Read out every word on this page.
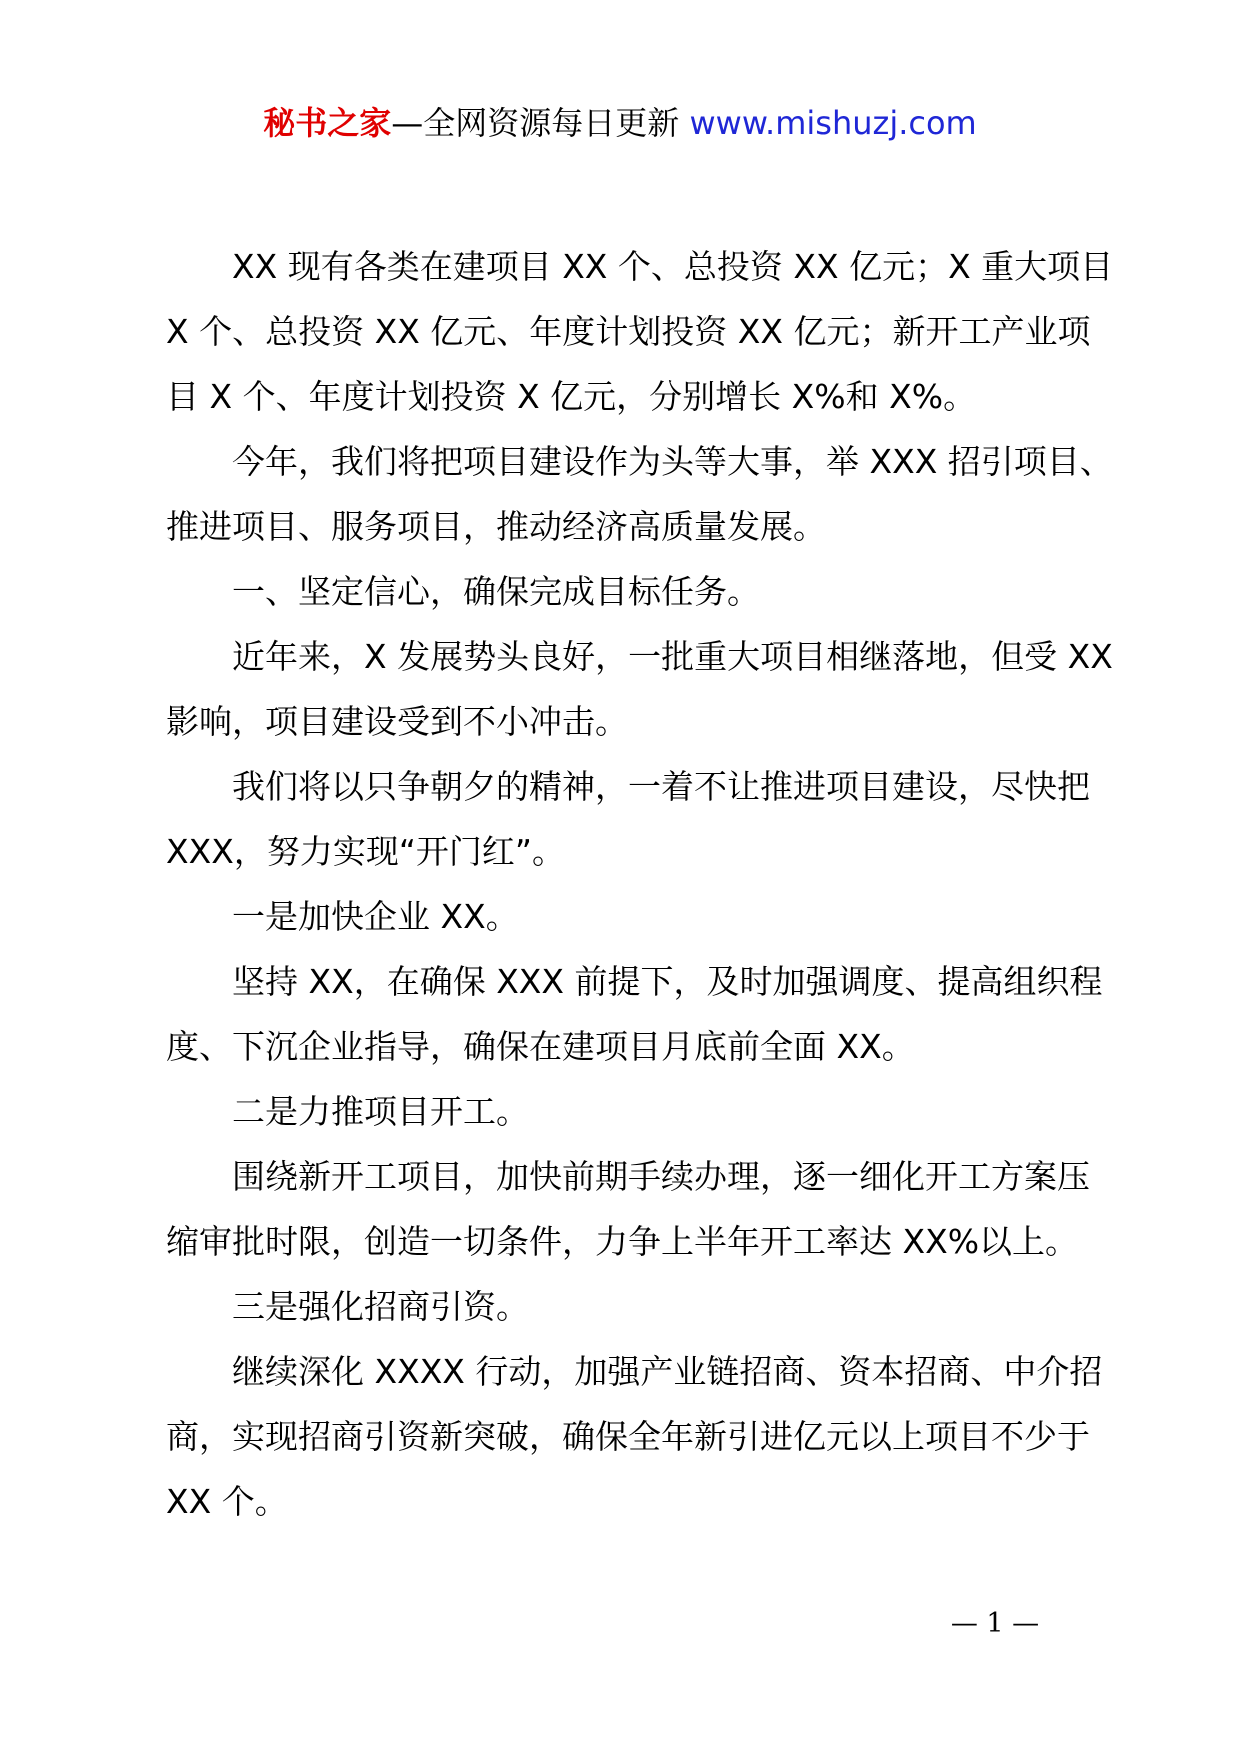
秘书之家—全网资源每日更新 www.mishuzj.com

XX 现有各类在建项目 XX 个、总投资 XX 亿元；X 重大项目 X 个、总投资 XX 亿元、年度计划投资 XX 亿元；新开工产业项目 X 个、年度计划投资 X 亿元，分别增长 X%和 X%。

今年，我们将把项目建设作为头等大事，举 XXX 招引项目、推进项目、服务项目，推动经济高质量发展。

一、坚定信心，确保完成目标任务。

近年来，X 发展势头良好，一批重大项目相继落地，但受 XX 影响，项目建设受到不小冲击。

我们将以只争朝夕的精神，一着不让推进项目建设，尽快把 XXX，努力实现“开门红”。

一是加快企业 XX。

坚持 XX，在确保 XXX 前提下，及时加强调度、提高组织程度、下沉企业指导，确保在建项目月底前全面 XX。

二是力推项目开工。

围绕新开工项目，加快前期手续办理，逐一细化开工方案压缩审批时限，创造一切条件，力争上半年开工率达 XX%以上。

三是强化招商引资。

继续深化 XXXX 行动，加强产业链招商、资本招商、中介招商，实现招商引资新突破，确保全年新引进亿元以上项目不少于 XX 个。

— 1 —
